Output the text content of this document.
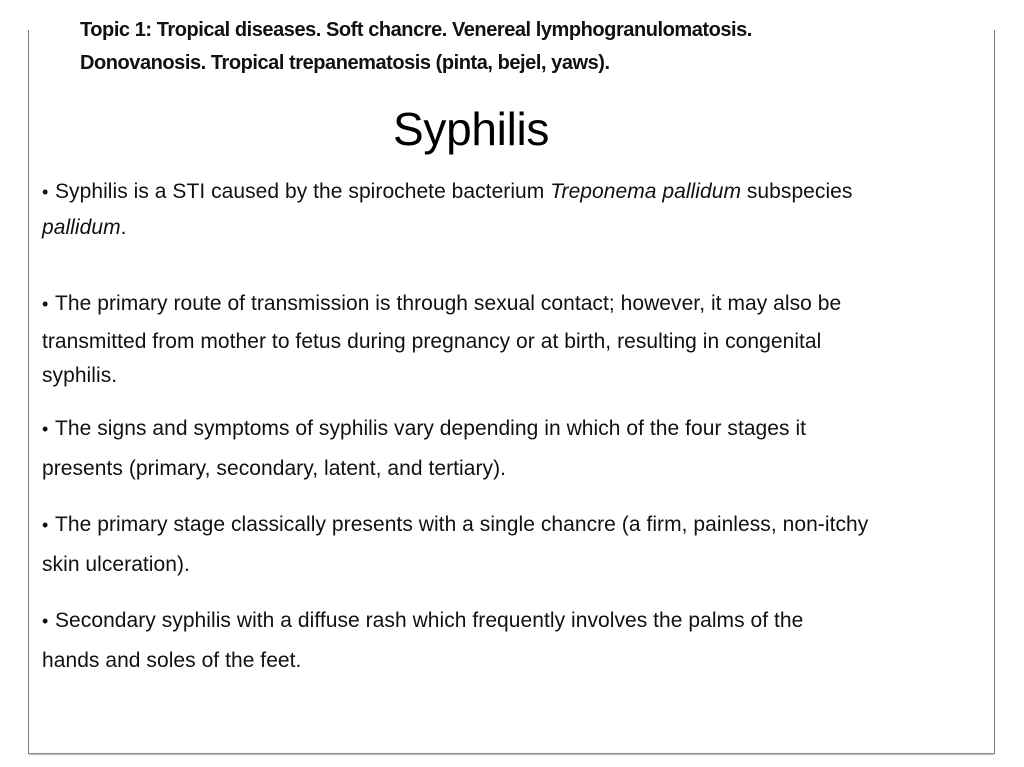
Topic 1: Tropical diseases. Soft chancre. Venereal lymphogranulomatosis.
Donovanosis. Tropical trepanematosis (pinta, bejel, yaws).
Syphilis
• Syphilis is a STI caused by the spirochete bacterium Treponema pallidum subspecies
pallidum.
• The primary route of transmission is through sexual contact; however, it may also be
transmitted from mother to fetus during pregnancy or at birth, resulting in congenital
syphilis.
• The signs and symptoms of syphilis vary depending in which of the four stages it
presents (primary, secondary, latent, and tertiary).
• The primary stage classically presents with a single chancre (a firm, painless, non-itchy
skin ulceration).
• Secondary syphilis with a diffuse rash which frequently involves the palms of the
hands and soles of the feet.
